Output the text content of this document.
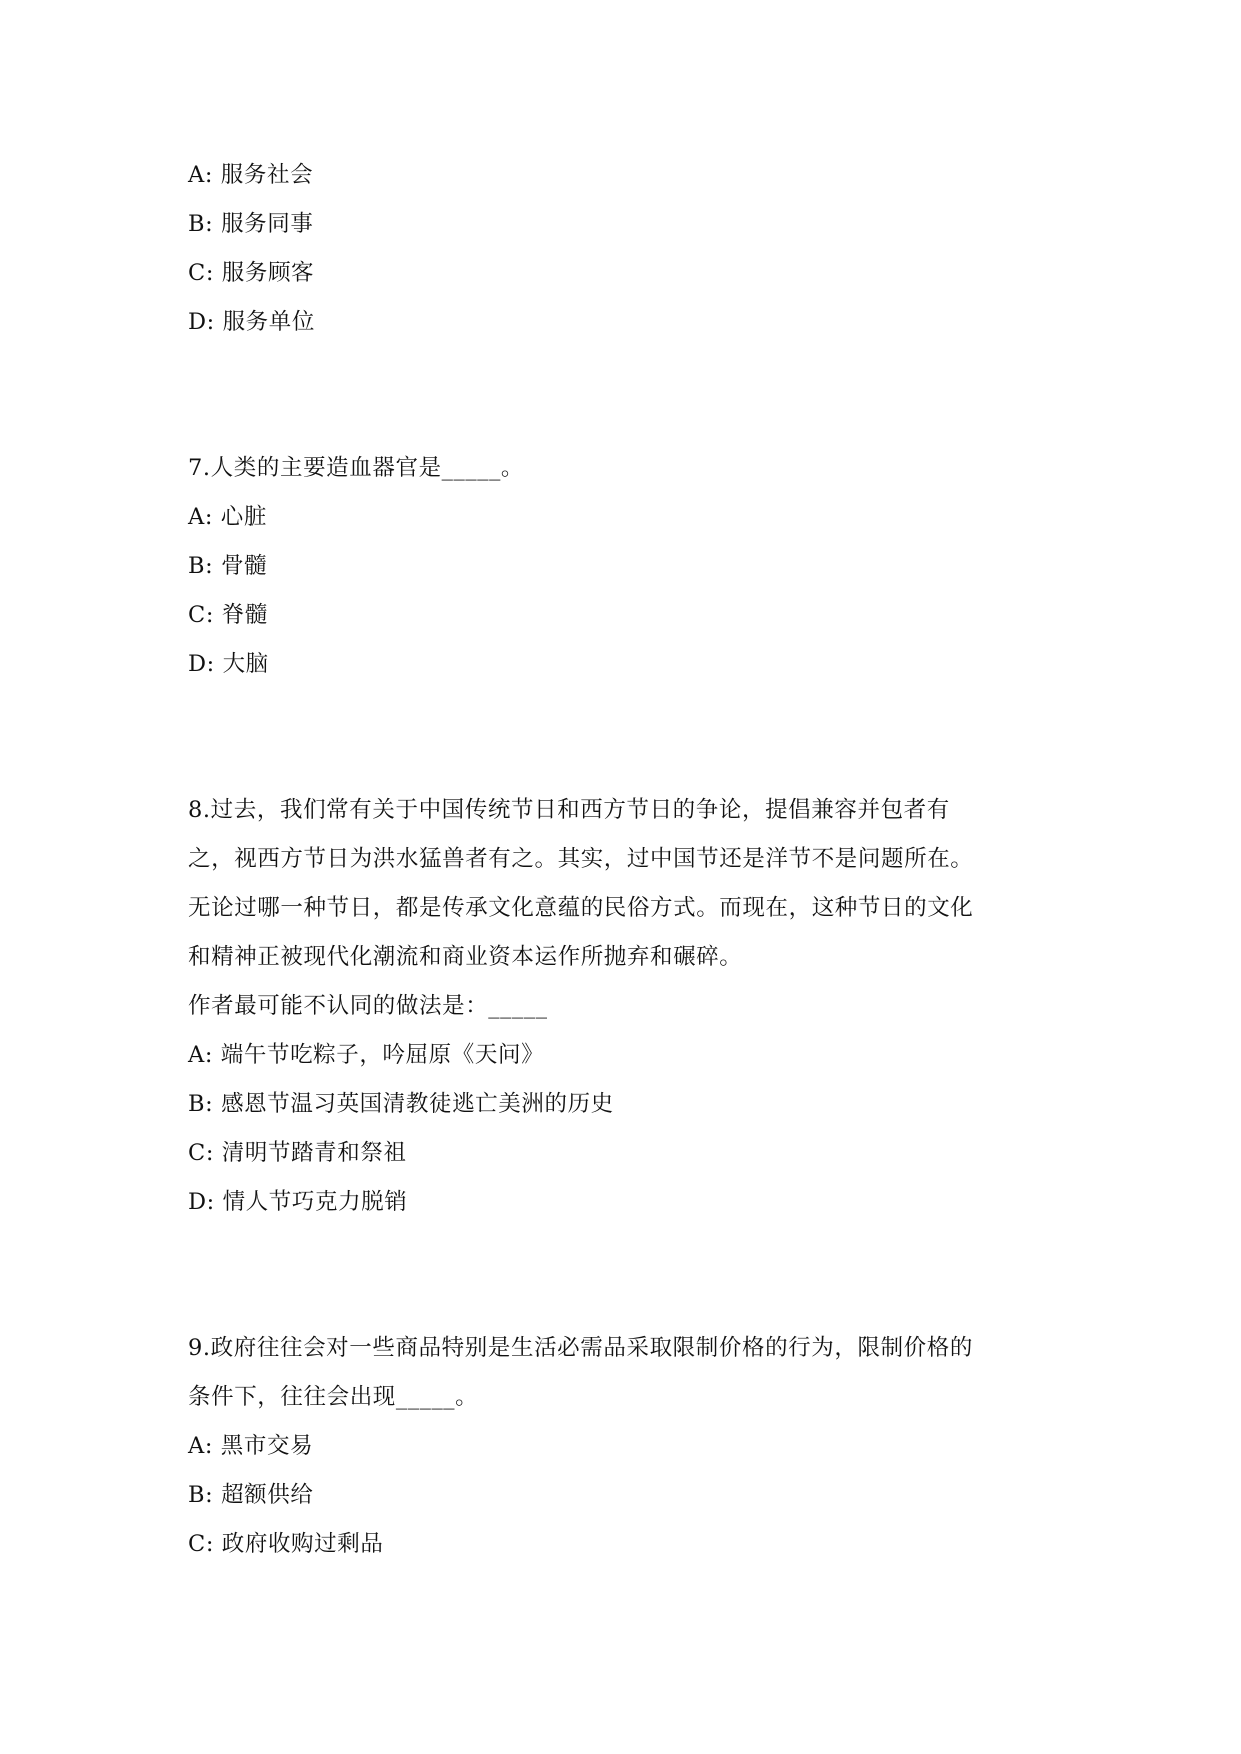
A: 服务社会
B: 服务同事
C: 服务顾客
D: 服务单位
7.人类的主要造血器官是_____。
A: 心脏
B: 骨髓
C: 脊髓
D: 大脑
8.过去，我们常有关于中国传统节日和西方节日的争论，提倡兼容并包者有
之，视西方节日为洪水猛兽者有之。其实，过中国节还是洋节不是问题所在。
无论过哪一种节日，都是传承文化意蕴的民俗方式。而现在，这种节日的文化
和精神正被现代化潮流和商业资本运作所抛弃和碾碎。
作者最可能不认同的做法是：_____
A: 端午节吃粽子，吟屈原《天问》
B: 感恩节温习英国清教徒逃亡美洲的历史
C: 清明节踏青和祭祖
D: 情人节巧克力脱销
9.政府往往会对一些商品特别是生活必需品采取限制价格的行为，限制价格的
条件下，往往会出现_____。
A: 黑市交易
B: 超额供给
C: 政府收购过剩品
